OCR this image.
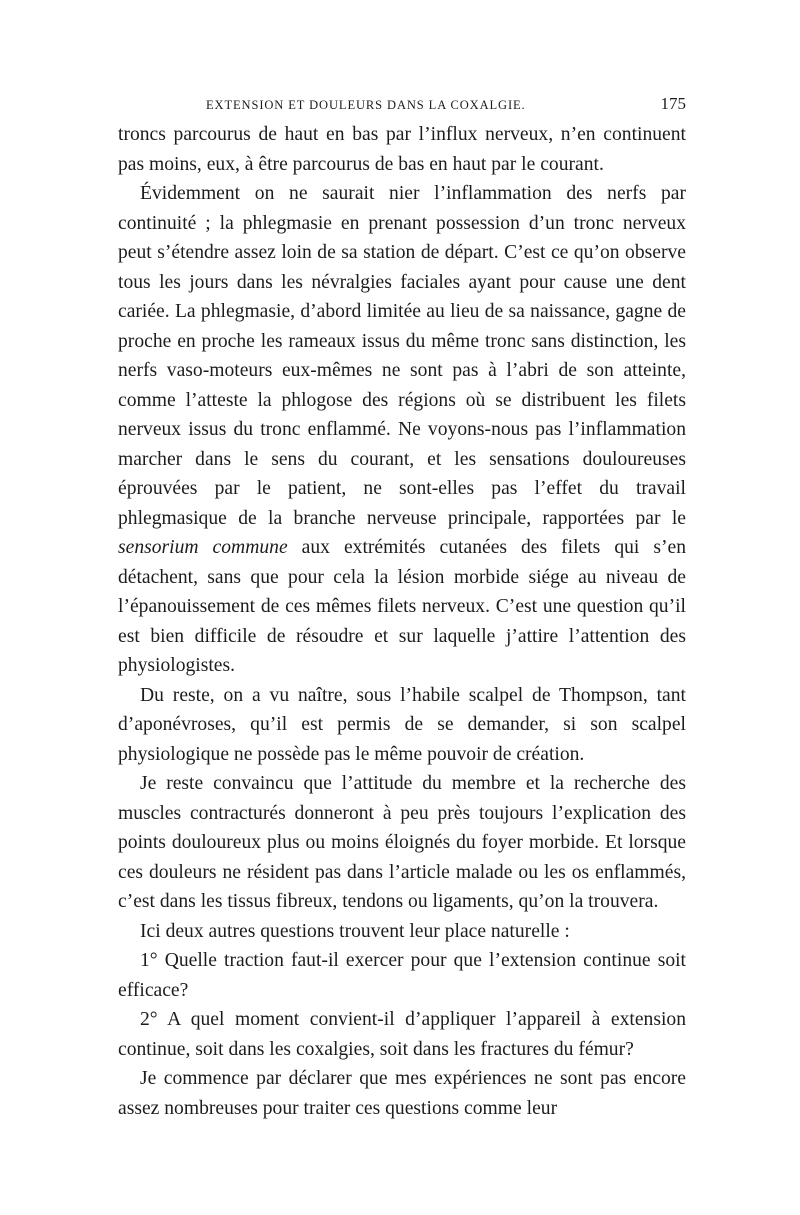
EXTENSION ET DOULEURS DANS LA COXALGIE.	175

troncs parcourus de haut en bas par l’influx nerveux, n’en continuent pas moins, eux, à être parcourus de bas en haut par le courant.

Évidemment on ne saurait nier l’inflammation des nerfs par continuité ; la phlegmasie en prenant possession d’un tronc nerveux peut s’étendre assez loin de sa station de départ. C’est ce qu’on observe tous les jours dans les névralgies faciales ayant pour cause une dent cariée. La phlegmasie, d’abord limitée au lieu de sa naissance, gagne de proche en proche les rameaux issus du même tronc sans distinction, les nerfs vaso-moteurs eux-mêmes ne sont pas à l’abri de son atteinte, comme l’atteste la phlogose des régions où se distribuent les filets nerveux issus du tronc enflammé. Ne voyons-nous pas l’inflammation marcher dans le sens du courant, et les sensations douloureuses éprouvées par le patient, ne sont-elles pas l’effet du travail phlegmasique de la branche nerveuse principale, rapportées par le sensorium commune aux extrémités cutanées des filets qui s’en détachent, sans que pour cela la lésion morbide siége au niveau de l’épanouissement de ces mêmes filets nerveux. C’est une question qu’il est bien difficile de résoudre et sur laquelle j’attire l’attention des physiologistes.

Du reste, on a vu naître, sous l’habile scalpel de Thompson, tant d’aponévroses, qu’il est permis de se demander, si son scalpel physiologique ne possède pas le même pouvoir de création.

Je reste convaincu que l’attitude du membre et la recherche des muscles contracturés donneront à peu près toujours l’explication des points douloureux plus ou moins éloignés du foyer morbide. Et lorsque ces douleurs ne résident pas dans l’article malade ou les os enflammés, c’est dans les tissus fibreux, tendons ou ligaments, qu’on la trouvera.

Ici deux autres questions trouvent leur place naturelle :

1° Quelle traction faut-il exercer pour que l’extension continue soit efficace?

2° A quel moment convient-il d’appliquer l’appareil à extension continue, soit dans les coxalgies, soit dans les fractures du fémur?

Je commence par déclarer que mes expériences ne sont pas encore assez nombreuses pour traiter ces questions comme leur
